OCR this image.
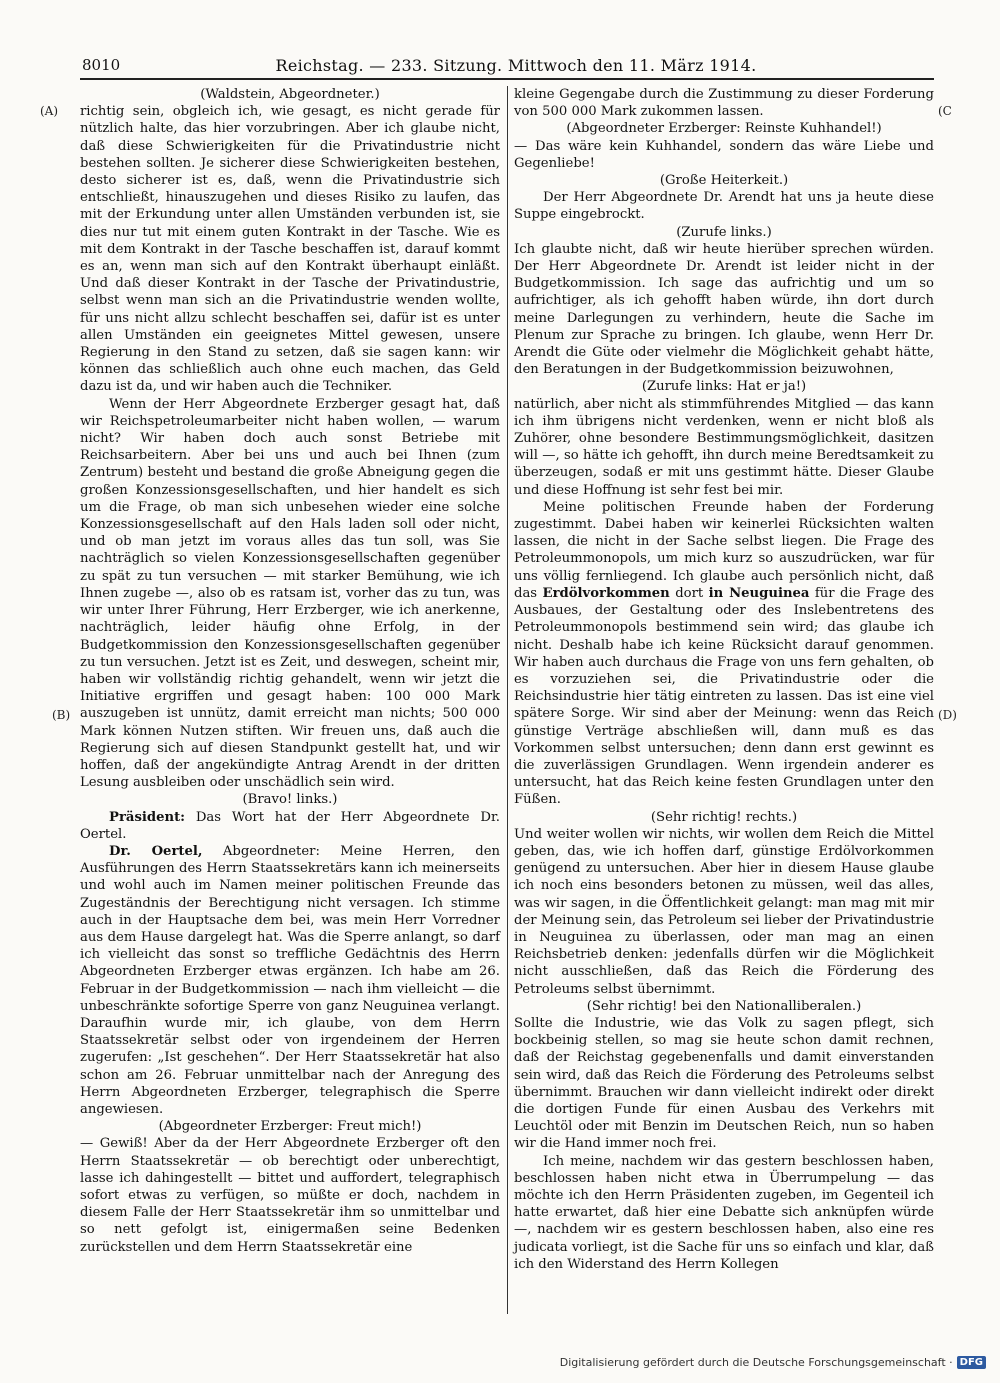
8010	Reichstag. — 233. Sitzung. Mittwoch den 11. März 1914.
(A)
(B)
(C
(D)

(Waldstein, Abgeordneter.)

richtig sein, obgleich ich, wie gesagt, es nicht gerade für nützlich halte, das hier vorzubringen. Aber ich glaube nicht, daß diese Schwierigkeiten für die Privatindustrie nicht bestehen sollten. Je sicherer diese Schwierigkeiten bestehen, desto sicherer ist es, daß, wenn die Privatindustrie sich entschließt, hinauszugehen und dieses Risiko zu laufen, das mit der Erkundung unter allen Umständen verbunden ist, sie dies nur tut mit einem guten Kontrakt in der Tasche. Wie es mit dem Kontrakt in der Tasche beschaffen ist, darauf kommt es an, wenn man sich auf den Kontrakt überhaupt einläßt. Und daß dieser Kontrakt in der Tasche der Privatindustrie, selbst wenn man sich an die Privatindustrie wenden wollte, für uns nicht allzu schlecht beschaffen sei, dafür ist es unter allen Umständen ein geeignetes Mittel gewesen, unsere Regierung in den Stand zu setzen, daß sie sagen kann: wir können das schließlich auch ohne euch machen, das Geld dazu ist da, und wir haben auch die Techniker.

Wenn der Herr Abgeordnete Erzberger gesagt hat, daß wir Reichspetroleumarbeiter nicht haben wollen, — warum nicht? Wir haben doch auch sonst Betriebe mit Reichsarbeitern. Aber bei uns und auch bei Ihnen (zum Zentrum) besteht und bestand die große Abneigung gegen die großen Konzessionsgesellschaften, und hier handelt es sich um die Frage, ob man sich unbesehen wieder eine solche Konzessionsgesellschaft auf den Hals laden soll oder nicht, und ob man jetzt im voraus alles das tun soll, was Sie nachträglich so vielen Konzessionsgesellschaften gegenüber zu spät zu tun versuchen — mit starker Bemühung, wie ich Ihnen zugebe —, also ob es ratsam ist, vorher das zu tun, was wir unter Ihrer Führung, Herr Erzberger, wie ich anerkenne, nachträglich, leider häufig ohne Erfolg, in der Budgetkommission den Konzessionsgesellschaften gegenüber zu tun versuchen. Jetzt ist es Zeit, und deswegen, scheint mir, haben wir vollständig richtig gehandelt, wenn wir jetzt die Initiative ergriffen und gesagt haben: 100 000 Mark auszugeben ist unnütz, damit erreicht man nichts; 500 000 Mark können Nutzen stiften. Wir freuen uns, daß auch die Regierung sich auf diesen Standpunkt gestellt hat, und wir hoffen, daß der angekündigte Antrag Arendt in der dritten Lesung ausbleiben oder unschädlich sein wird.

(Bravo! links.)

Präsident: Das Wort hat der Herr Abgeordnete Dr. Oertel.

Dr. Oertel, Abgeordneter: Meine Herren, den Ausführungen des Herrn Staatssekretärs kann ich meinerseits und wohl auch im Namen meiner politischen Freunde das Zugeständnis der Berechtigung nicht versagen. Ich stimme auch in der Hauptsache dem bei, was mein Herr Vorredner aus dem Hause dargelegt hat. Was die Sperre anlangt, so darf ich vielleicht das sonst so treffliche Gedächtnis des Herrn Abgeordneten Erzberger etwas ergänzen. Ich habe am 26. Februar in der Budgetkommission — nach ihm vielleicht — die unbeschränkte sofortige Sperre von ganz Neuguinea verlangt. Daraufhin wurde mir, ich glaube, von dem Herrn Staatssekretär selbst oder von irgendeinem der Herren zugerufen: „Ist geschehen“. Der Herr Staatssekretär hat also schon am 26. Februar unmittelbar nach der Anregung des Herrn Abgeordneten Erzberger, telegraphisch die Sperre angewiesen.

(Abgeordneter Erzberger: Freut mich!)

— Gewiß! Aber da der Herr Abgeordnete Erzberger oft den Herrn Staatssekretär — ob berechtigt oder unberechtigt, lasse ich dahingestellt — bittet und auffordert, telegraphisch sofort etwas zu verfügen, so müßte er doch, nachdem in diesem Falle der Herr Staatssekretär ihm so unmittelbar und so nett gefolgt ist, einigermaßen seine Bedenken zurückstellen und dem Herrn Staatssekretär eine

kleine Gegengabe durch die Zustimmung zu dieser Forderung von 500 000 Mark zukommen lassen.

(Abgeordneter Erzberger: Reinste Kuhhandel!)

— Das wäre kein Kuhhandel, sondern das wäre Liebe und Gegenliebe!

(Große Heiterkeit.)

Der Herr Abgeordnete Dr. Arendt hat uns ja heute diese Suppe eingebrockt.

(Zurufe links.)

Ich glaubte nicht, daß wir heute hierüber sprechen würden. Der Herr Abgeordnete Dr. Arendt ist leider nicht in der Budgetkommission. Ich sage das aufrichtig und um so aufrichtiger, als ich gehofft haben würde, ihn dort durch meine Darlegungen zu verhindern, heute die Sache im Plenum zur Sprache zu bringen. Ich glaube, wenn Herr Dr. Arendt die Güte oder vielmehr die Möglichkeit gehabt hätte, den Beratungen in der Budgetkommission beizuwohnen,

(Zurufe links: Hat er ja!)

natürlich, aber nicht als stimmführendes Mitglied — das kann ich ihm übrigens nicht verdenken, wenn er nicht bloß als Zuhörer, ohne besondere Bestimmungsmöglichkeit, dasitzen will —, so hätte ich gehofft, ihn durch meine Beredtsamkeit zu überzeugen, sodaß er mit uns gestimmt hätte. Dieser Glaube und diese Hoffnung ist sehr fest bei mir.

Meine politischen Freunde haben der Forderung zugestimmt. Dabei haben wir keinerlei Rücksichten walten lassen, die nicht in der Sache selbst liegen. Die Frage des Petroleummonopols, um mich kurz so auszudrücken, war für uns völlig fernliegend. Ich glaube auch persönlich nicht, daß das Erdölvorkommen dort in Neuguinea für die Frage des Ausbaues, der Gestaltung oder des Inslebentretens des Petroleummonopols bestimmend sein wird; das glaube ich nicht. Deshalb habe ich keine Rücksicht darauf genommen. Wir haben auch durchaus die Frage von uns fern gehalten, ob es vorzuziehen sei, die Privatindustrie oder die Reichsindustrie hier tätig eintreten zu lassen. Das ist eine viel spätere Sorge. Wir sind aber der Meinung: wenn das Reich günstige Verträge abschließen will, dann muß es das Vorkommen selbst untersuchen; denn dann erst gewinnt es die zuverlässigen Grundlagen. Wenn irgendein anderer es untersucht, hat das Reich keine festen Grundlagen unter den Füßen.

(Sehr richtig! rechts.)

Und weiter wollen wir nichts, wir wollen dem Reich die Mittel geben, das, wie ich hoffen darf, günstige Erdölvorkommen genügend zu untersuchen. Aber hier in diesem Hause glaube ich noch eins besonders betonen zu müssen, weil das alles, was wir sagen, in die Öffentlichkeit gelangt: man mag mit mir der Meinung sein, das Petroleum sei lieber der Privatindustrie in Neuguinea zu überlassen, oder man mag an einen Reichsbetrieb denken: jedenfalls dürfen wir die Möglichkeit nicht ausschließen, daß das Reich die Förderung des Petroleums selbst übernimmt.

(Sehr richtig! bei den Nationalliberalen.)

Sollte die Industrie, wie das Volk zu sagen pflegt, sich bockbeinig stellen, so mag sie heute schon damit rechnen, daß der Reichstag gegebenenfalls und damit einverstanden sein wird, daß das Reich die Förderung des Petroleums selbst übernimmt. Brauchen wir dann vielleicht indirekt oder direkt die dortigen Funde für einen Ausbau des Verkehrs mit Leuchtöl oder mit Benzin im Deutschen Reich, nun so haben wir die Hand immer noch frei.

Ich meine, nachdem wir das gestern beschlossen haben, beschlossen haben nicht etwa in Überrumpelung — das möchte ich den Herrn Präsidenten zugeben, im Gegenteil ich hatte erwartet, daß hier eine Debatte sich anknüpfen würde —, nachdem wir es gestern beschlossen haben, also eine res judicata vorliegt, ist die Sache für uns so einfach und klar, daß ich den Widerstand des Herrn Kollegen

Digitalisierung gefördert durch die Deutsche Forschungsgemeinschaft · DFG
